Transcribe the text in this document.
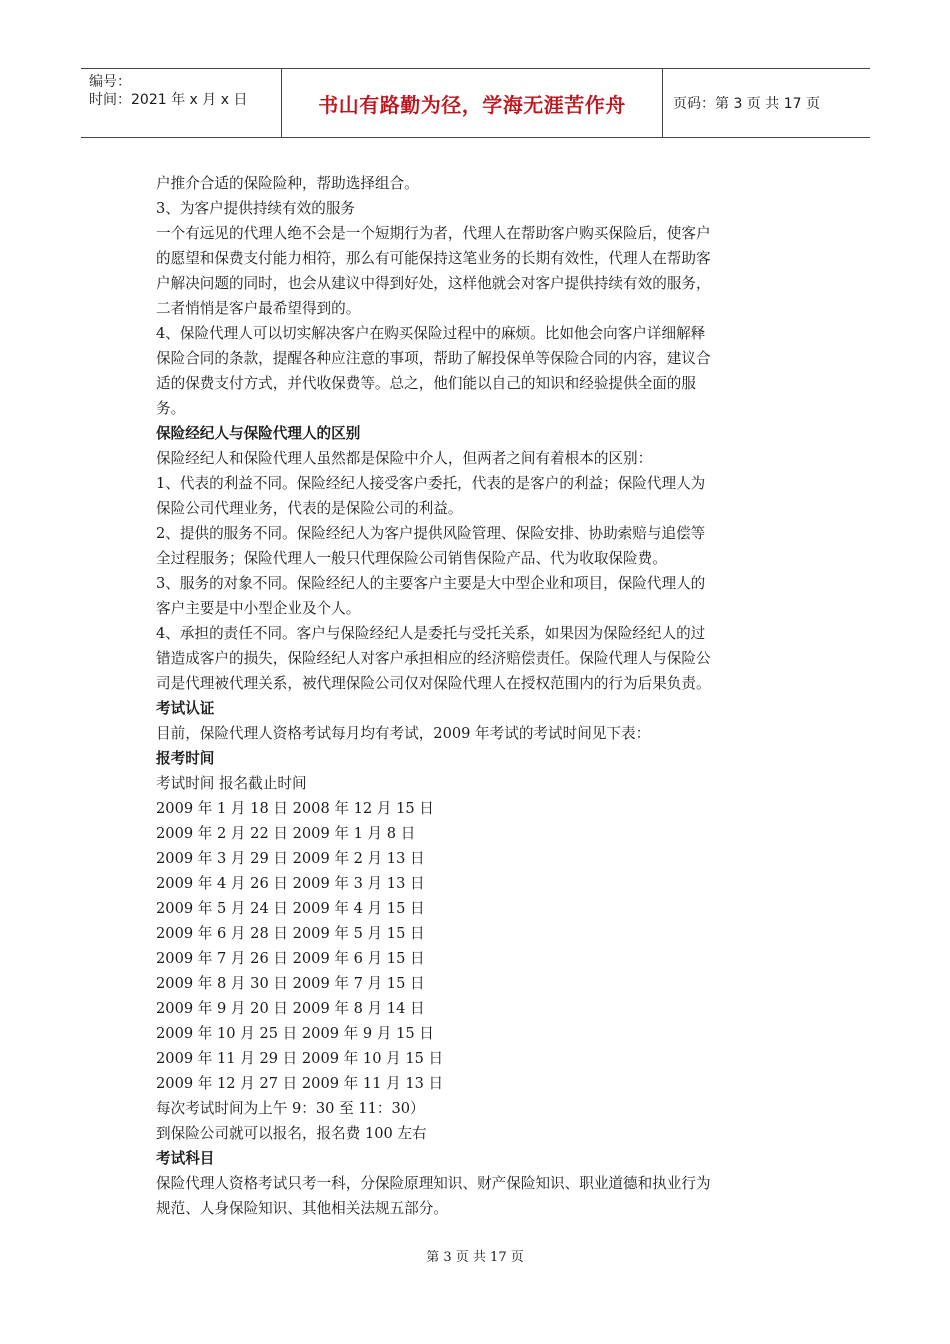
编号：
时间：2021 年 x 月 x 日	书山有路勤为径，学海无涯苦作舟	页码：第 3 页 共 17 页
户推介合适的保险险种，帮助选择组合。
3、为客户提供持续有效的服务
一个有远见的代理人绝不会是一个短期行为者，代理人在帮助客户购买保险后，使客户
的愿望和保费支付能力相符，那么有可能保持这笔业务的长期有效性，代理人在帮助客
户解决问题的同时，也会从建议中得到好处，这样他就会对客户提供持续有效的服务，
二者悄悄是客户最希望得到的。
4、保险代理人可以切实解决客户在购买保险过程中的麻烦。比如他会向客户详细解释
保险合同的条款，提醒各种应注意的事项，帮助了解投保单等保险合同的内容，建议合
适的保费支付方式，并代收保费等。总之，他们能以自己的知识和经验提供全面的服
务。
保险经纪人与保险代理人的区别
保险经纪人和保险代理人虽然都是保险中介人，但两者之间有着根本的区别：
1、代表的利益不同。保险经纪人接受客户委托，代表的是客户的利益；保险代理人为
保险公司代理业务，代表的是保险公司的利益。
2、提供的服务不同。保险经纪人为客户提供风险管理、保险安排、协助索赔与追偿等
全过程服务；保险代理人一般只代理保险公司销售保险产品、代为收取保险费。
3、服务的对象不同。保险经纪人的主要客户主要是大中型企业和项目，保险代理人的
客户主要是中小型企业及个人。
4、承担的责任不同。客户与保险经纪人是委托与受托关系，如果因为保险经纪人的过
错造成客户的损失，保险经纪人对客户承担相应的经济赔偿责任。保险代理人与保险公
司是代理被代理关系，被代理保险公司仅对保险代理人在授权范围内的行为后果负责。
考试认证
目前，保险代理人资格考试每月均有考试，2009 年考试的考试时间见下表：
报考时间
考试时间 报名截止时间
2009 年 1 月 18 日 2008 年 12 月 15 日
2009 年 2 月 22 日 2009 年 1 月 8 日
2009 年 3 月 29 日 2009 年 2 月 13 日
2009 年 4 月 26 日 2009 年 3 月 13 日
2009 年 5 月 24 日 2009 年 4 月 15 日
2009 年 6 月 28 日 2009 年 5 月 15 日
2009 年 7 月 26 日 2009 年 6 月 15 日
2009 年 8 月 30 日 2009 年 7 月 15 日
2009 年 9 月 20 日 2009 年 8 月 14 日
2009 年 10 月 25 日 2009 年 9 月 15 日
2009 年 11 月 29 日 2009 年 10 月 15 日
2009 年 12 月 27 日 2009 年 11 月 13 日
每次考试时间为上午 9：30 至 11：30）
到保险公司就可以报名，报名费 100 左右
考试科目
保险代理人资格考试只考一科，分保险原理知识、财产保险知识、职业道德和执业行为
规范、人身保险知识、其他相关法规五部分。
第 3 页 共 17 页
